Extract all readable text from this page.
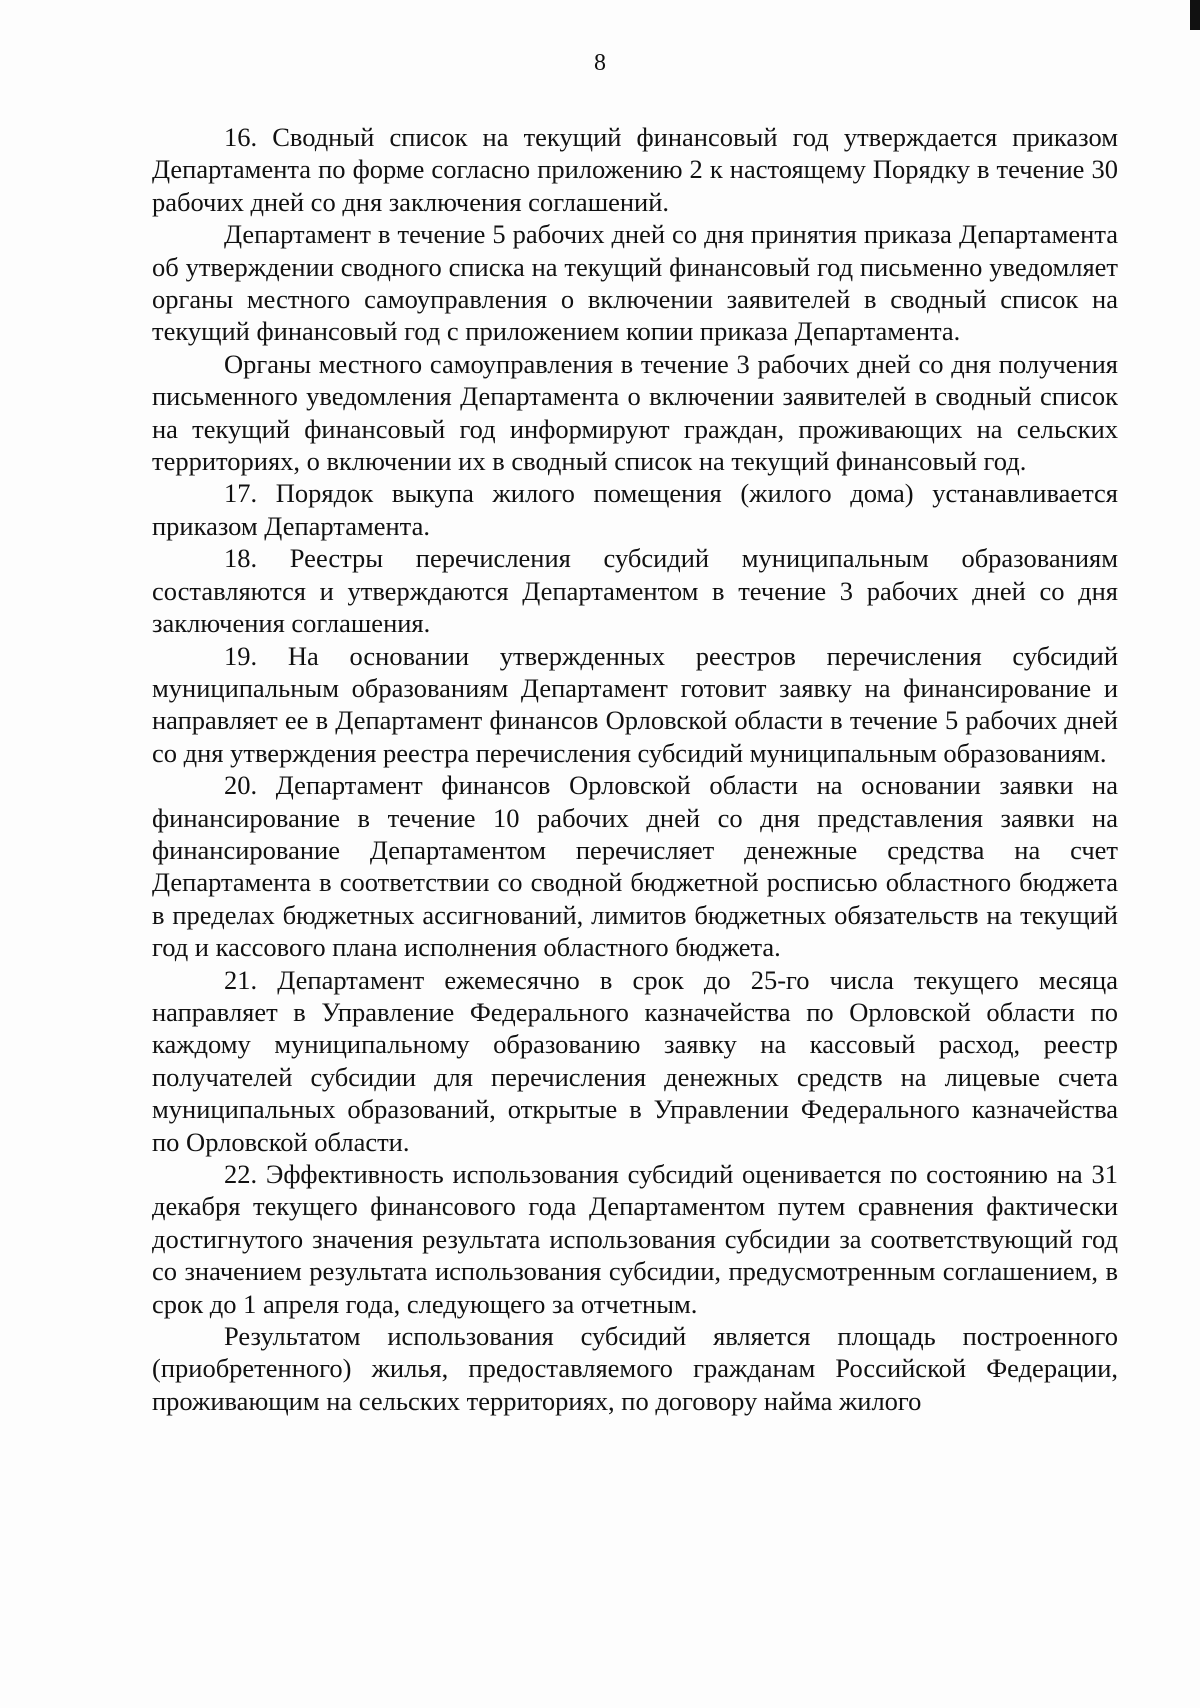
8

16. Сводный список на текущий финансовый год утверждается приказом Департамента по форме согласно приложению 2 к настоящему Порядку в течение 30 рабочих дней со дня заключения соглашений.

Департамент в течение 5 рабочих дней со дня принятия приказа Департамента об утверждении сводного списка на текущий финансовый год письменно уведомляет органы местного самоуправления о включении заявителей в сводный список на текущий финансовый год с приложением копии приказа Департамента.

Органы местного самоуправления в течение 3 рабочих дней со дня получения письменного уведомления Департамента о включении заявителей в сводный список на текущий финансовый год информируют граждан, проживающих на сельских территориях, о включении их в сводный список на текущий финансовый год.

17. Порядок выкупа жилого помещения (жилого дома) устанавливается приказом Департамента.

18. Реестры перечисления субсидий муниципальным образованиям составляются и утверждаются Департаментом в течение 3 рабочих дней со дня заключения соглашения.

19. На основании утвержденных реестров перечисления субсидий муниципальным образованиям Департамент готовит заявку на финансирование и направляет ее в Департамент финансов Орловской области в течение 5 рабочих дней со дня утверждения реестра перечисления субсидий муниципальным образованиям.

20. Департамент финансов Орловской области на основании заявки на финансирование в течение 10 рабочих дней со дня представления заявки на финансирование Департаментом перечисляет денежные средства на счет Департамента в соответствии со сводной бюджетной росписью областного бюджета в пределах бюджетных ассигнований, лимитов бюджетных обязательств на текущий год и кассового плана исполнения областного бюджета.

21. Департамент ежемесячно в срок до 25-го числа текущего месяца направляет в Управление Федерального казначейства по Орловской области по каждому муниципальному образованию заявку на кассовый расход, реестр получателей субсидии для перечисления денежных средств на лицевые счета муниципальных образований, открытые в Управлении Федерального казначейства по Орловской области.

22. Эффективность использования субсидий оценивается по состоянию на 31 декабря текущего финансового года Департаментом путем сравнения фактически достигнутого значения результата использования субсидии за соответствующий год со значением результата использования субсидии, предусмотренным соглашением, в срок до 1 апреля года, следующего за отчетным.

Результатом использования субсидий является площадь построенного (приобретенного) жилья, предоставляемого гражданам Российской Федерации, проживающим на сельских территориях, по договору найма жилого
